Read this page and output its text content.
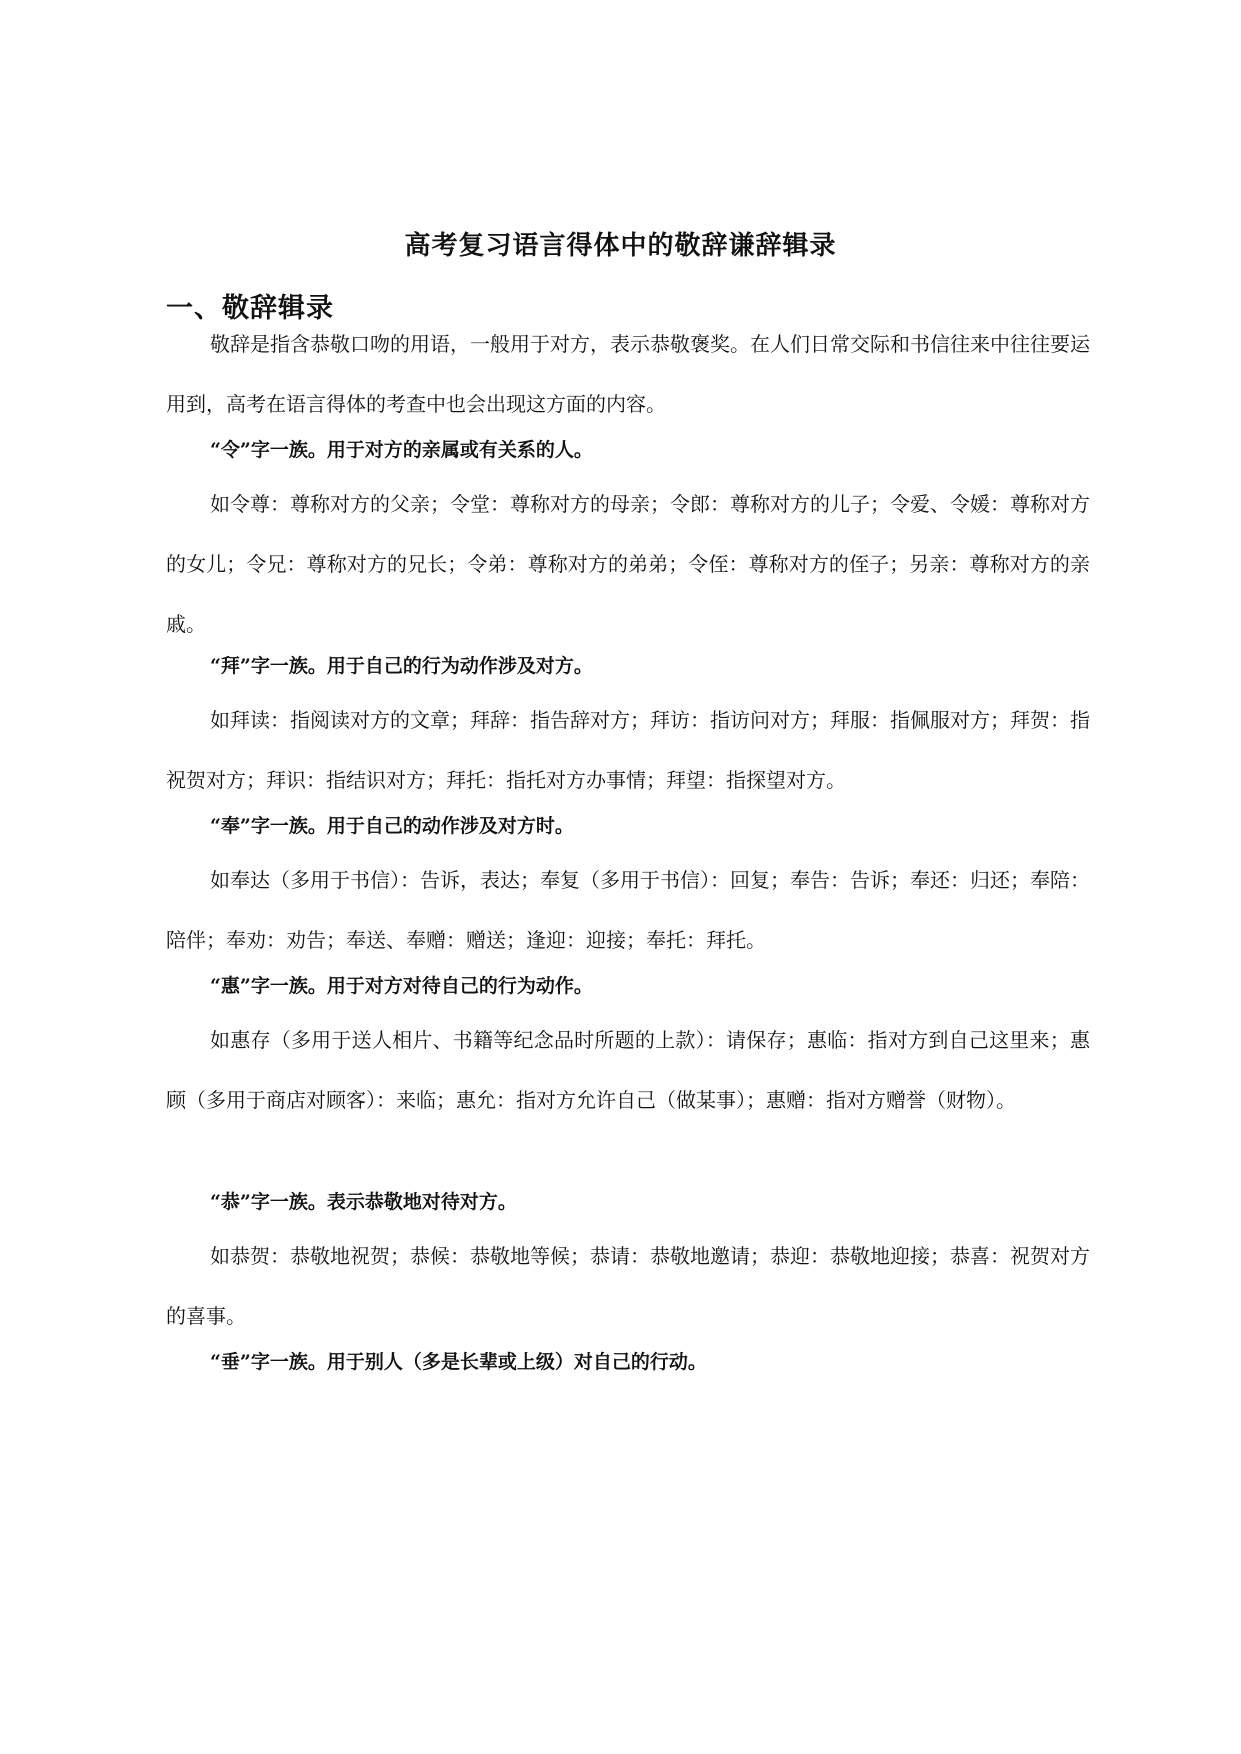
高考复习语言得体中的敬辞谦辞辑录
一、敬辞辑录

敬辞是指含恭敬口吻的用语，一般用于对方，表示恭敬褒奖。在人们日常交际和书信往来中往往要运用到，高考在语言得体的考查中也会出现这方面的内容。

“令”字一族。用于对方的亲属或有关系的人。

如令尊：尊称对方的父亲；令堂：尊称对方的母亲；令郎：尊称对方的儿子；令爱、令媛：尊称对方的女儿；令兄：尊称对方的兄长；令弟：尊称对方的弟弟；令侄：尊称对方的侄子；另亲：尊称对方的亲戚。

“拜”字一族。用于自己的行为动作涉及对方。

如拜读：指阅读对方的文章；拜辞：指告辞对方；拜访：指访问对方；拜服：指佩服对方；拜贺：指祝贺对方；拜识：指结识对方；拜托：指托对方办事情；拜望：指探望对方。

“奉”字一族。用于自己的动作涉及对方时。

如奉达（多用于书信）：告诉，表达；奉复（多用于书信）：回复；奉告：告诉；奉还：归还；奉陪：陪伴；奉劝：劝告；奉送、奉赠：赠送；逢迎：迎接；奉托：拜托。

“惠”字一族。用于对方对待自己的行为动作。

如惠存（多用于送人相片、书籍等纪念品时所题的上款）：请保存；惠临：指对方到自己这里来；惠顾（多用于商店对顾客）：来临；惠允：指对方允许自己（做某事）；惠赠：指对方赠誉（财物）。

“恭”字一族。表示恭敬地对待对方。

如恭贺：恭敬地祝贺；恭候：恭敬地等候；恭请：恭敬地邀请；恭迎：恭敬地迎接；恭喜：祝贺对方的喜事。

“垂”字一族。用于别人（多是长辈或上级）对自己的行动。
